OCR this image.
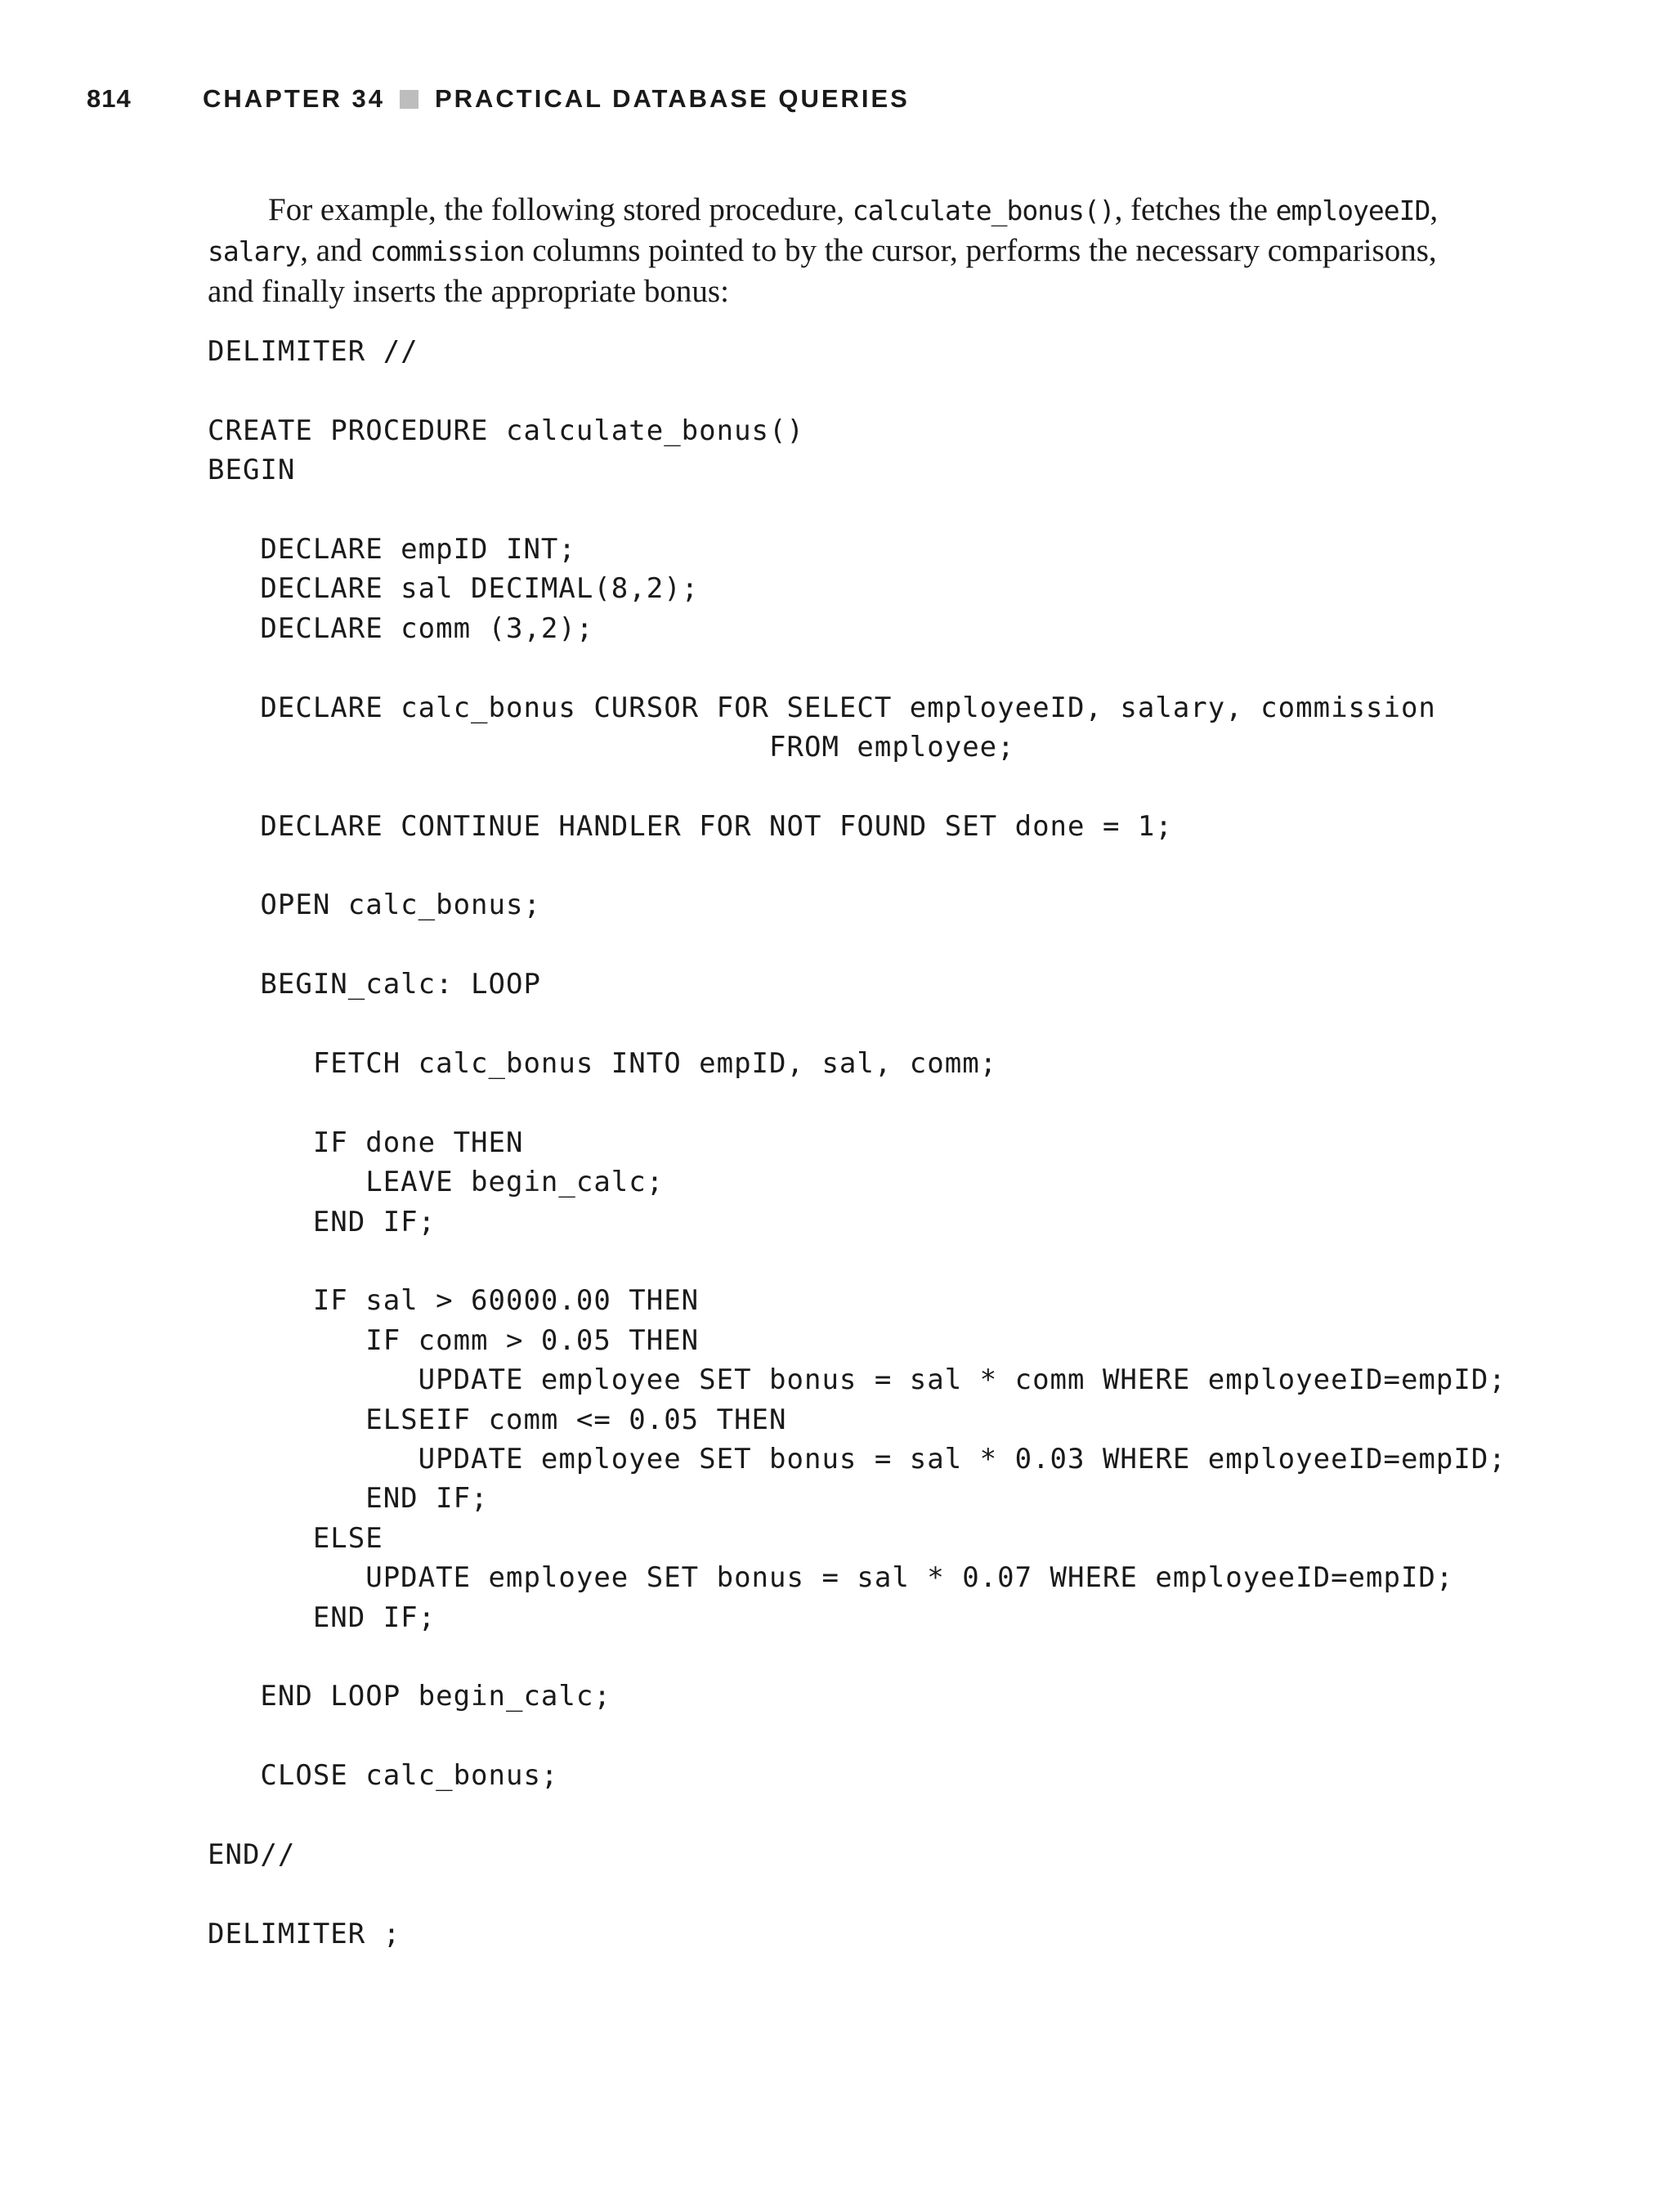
814	CHAPTER 34 PRACTICAL DATABASE QUERIES

For example, the following stored procedure, calculate_bonus(), fetches the employeeID, salary, and commission columns pointed to by the cursor, performs the necessary comparisons, and finally inserts the appropriate bonus:

DELIMITER //
CREATE PROCEDURE calculate_bonus()
BEGIN
DECLARE empID INT;
DECLARE sal DECIMAL(8,2);
DECLARE comm (3,2);
DECLARE calc_bonus CURSOR FOR SELECT employeeID, salary, commission
FROM employee;
DECLARE CONTINUE HANDLER FOR NOT FOUND SET done = 1;
OPEN calc_bonus;
BEGIN_calc: LOOP
FETCH calc_bonus INTO empID, sal, comm;
IF done THEN
LEAVE begin_calc;
END IF;
IF sal > 60000.00 THEN
IF comm > 0.05 THEN
UPDATE employee SET bonus = sal * comm WHERE employeeID=empID;
ELSEIF comm <= 0.05 THEN
UPDATE employee SET bonus = sal * 0.03 WHERE employeeID=empID;
END IF;
ELSE
UPDATE employee SET bonus = sal * 0.07 WHERE employeeID=empID;
END IF;
END LOOP begin_calc;
CLOSE calc_bonus;
END//
DELIMITER ;
